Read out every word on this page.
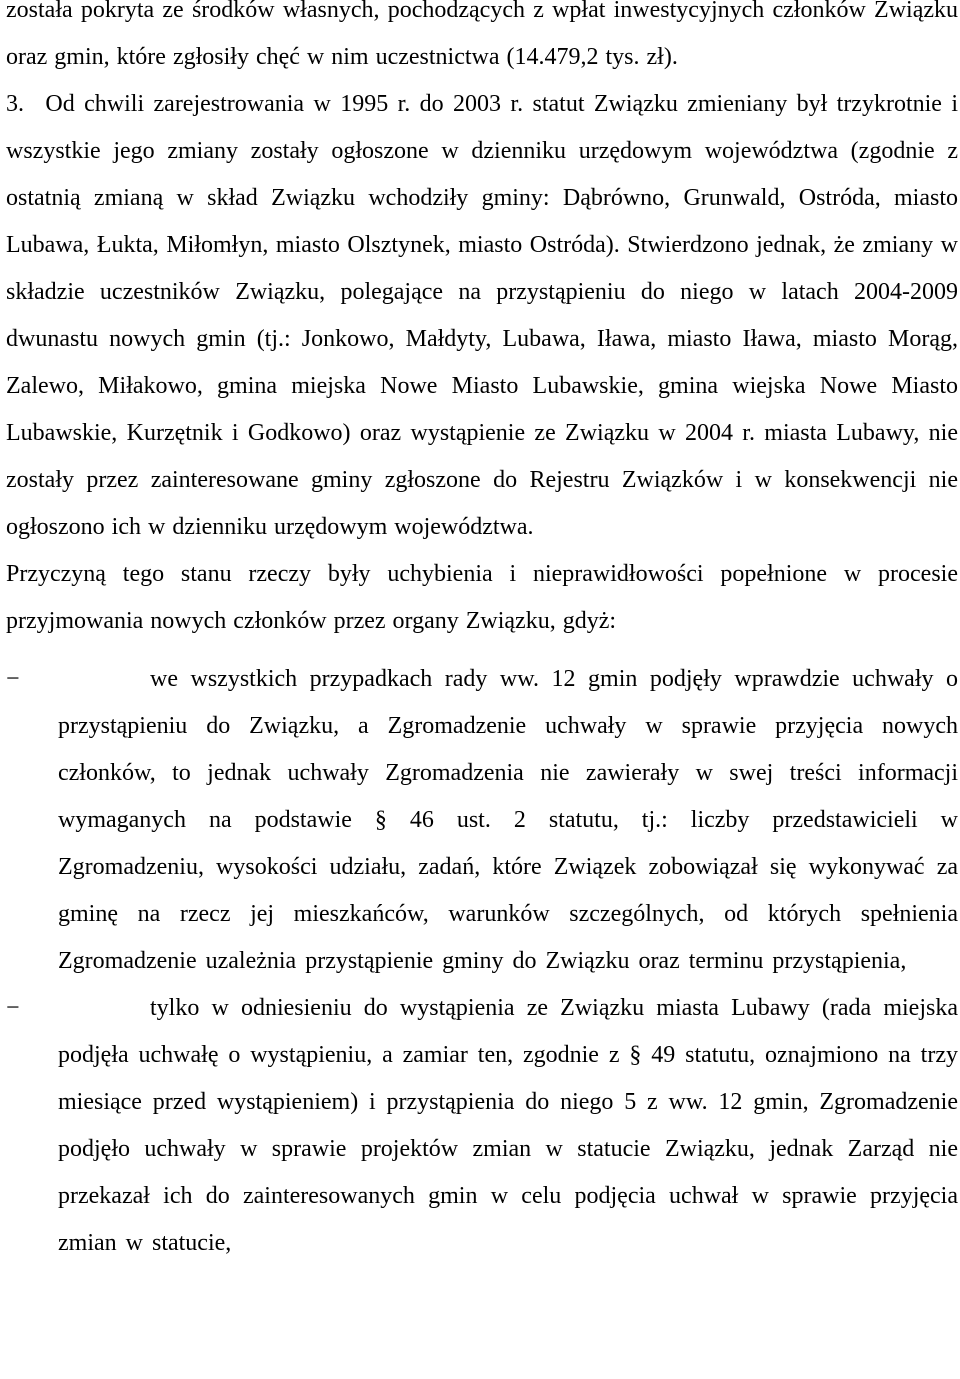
została pokryta ze środków własnych, pochodzących z wpłat inwestycyjnych członków Związku oraz gmin, które zgłosiły chęć w nim uczestnictwa (14.479,2 tys. zł).

3. Od chwili zarejestrowania w 1995 r. do 2003 r. statut Związku zmieniany był trzykrotnie i wszystkie jego zmiany zostały ogłoszone w dzienniku urzędowym województwa (zgodnie z ostatnią zmianą w skład Związku wchodziły gminy: Dąbrówno, Grunwald, Ostróda, miasto Lubawa, Łukta, Miłomłyn, miasto Olsztynek, miasto Ostróda). Stwierdzono jednak, że zmiany w składzie uczestników Związku, polegające na przystąpieniu do niego w latach 2004-2009 dwunastu nowych gmin (tj.: Jonkowo, Małdyty, Lubawa, Iława, miasto Iława, miasto Morąg, Zalewo, Miłakowo, gmina miejska Nowe Miasto Lubawskie, gmina wiejska Nowe Miasto Lubawskie, Kurzętnik i Godkowo) oraz wystąpienie ze Związku w 2004 r. miasta Lubawy, nie zostały przez zainteresowane gminy zgłoszone do Rejestru Związków i w konsekwencji nie ogłoszono ich w dzienniku urzędowym województwa.

Przyczyną tego stanu rzeczy były uchybienia i nieprawidłowości popełnione w procesie przyjmowania nowych członków przez organy Związku, gdyż:

−	we wszystkich przypadkach rady ww. 12 gmin podjęły wprawdzie uchwały o przystąpieniu do Związku, a Zgromadzenie uchwały w sprawie przyjęcia nowych członków, to jednak uchwały Zgromadzenia nie zawierały w swej treści informacji wymaganych na podstawie § 46 ust. 2 statutu, tj.: liczby przedstawicieli w Zgromadzeniu, wysokości udziału, zadań, które Związek zobowiązał się wykonywać za gminę na rzecz jej mieszkańców, warunków szczególnych, od których spełnienia Zgromadzenie uzależnia przystąpienie gminy do Związku oraz terminu przystąpienia,
−	tylko w odniesieniu do wystąpienia ze Związku miasta Lubawy (rada miejska podjęła uchwałę o wystąpieniu, a zamiar ten, zgodnie z § 49 statutu, oznajmiono na trzy miesiące przed wystąpieniem) i przystąpienia do niego 5 z ww. 12 gmin, Zgromadzenie podjęło uchwały w sprawie projektów zmian w statucie Związku, jednak Zarząd nie przekazał ich do zainteresowanych gmin w celu podjęcia uchwał w sprawie przyjęcia zmian w statucie,
